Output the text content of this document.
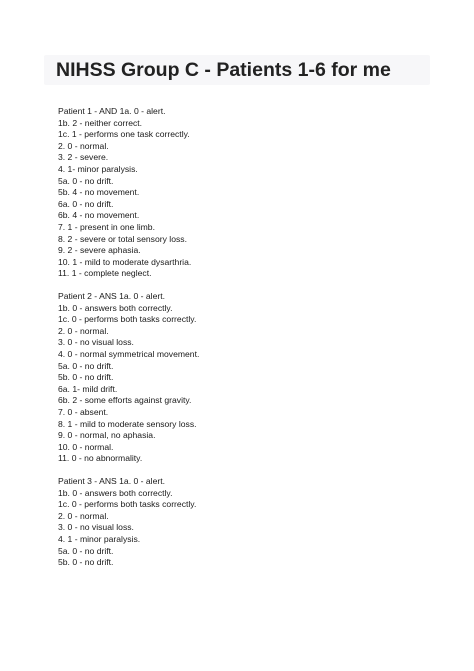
NIHSS Group C - Patients 1-6 for me
Patient 1 - AND 1a. 0 - alert.
1b. 2 - neither correct.
1c. 1 - performs one task correctly.
2. 0 - normal.
3. 2 - severe.
4. 1- minor paralysis.
5a. 0 - no drift.
5b. 4 - no movement.
6a. 0 - no drift.
6b. 4 - no movement.
7. 1 - present in one limb.
8. 2 - severe or total sensory loss.
9. 2 - severe aphasia.
10. 1 - mild to moderate dysarthria.
11. 1 - complete neglect.
Patient 2 - ANS 1a. 0 - alert.
1b. 0 - answers both correctly.
1c. 0 - performs both tasks correctly.
2. 0 - normal.
3. 0 - no visual loss.
4. 0 - normal symmetrical movement.
5a. 0 - no drift.
5b. 0 - no drift.
6a. 1- mild drift.
6b. 2 - some efforts against gravity.
7. 0 - absent.
8. 1 - mild to moderate sensory loss.
9. 0 - normal, no aphasia.
10. 0 - normal.
11. 0 - no abnormality.
Patient 3 - ANS 1a. 0 - alert.
1b. 0 - answers both correctly.
1c. 0 - performs both tasks correctly.
2. 0 - normal.
3. 0 - no visual loss.
4. 1 - minor paralysis.
5a. 0 - no drift.
5b. 0 - no drift.
